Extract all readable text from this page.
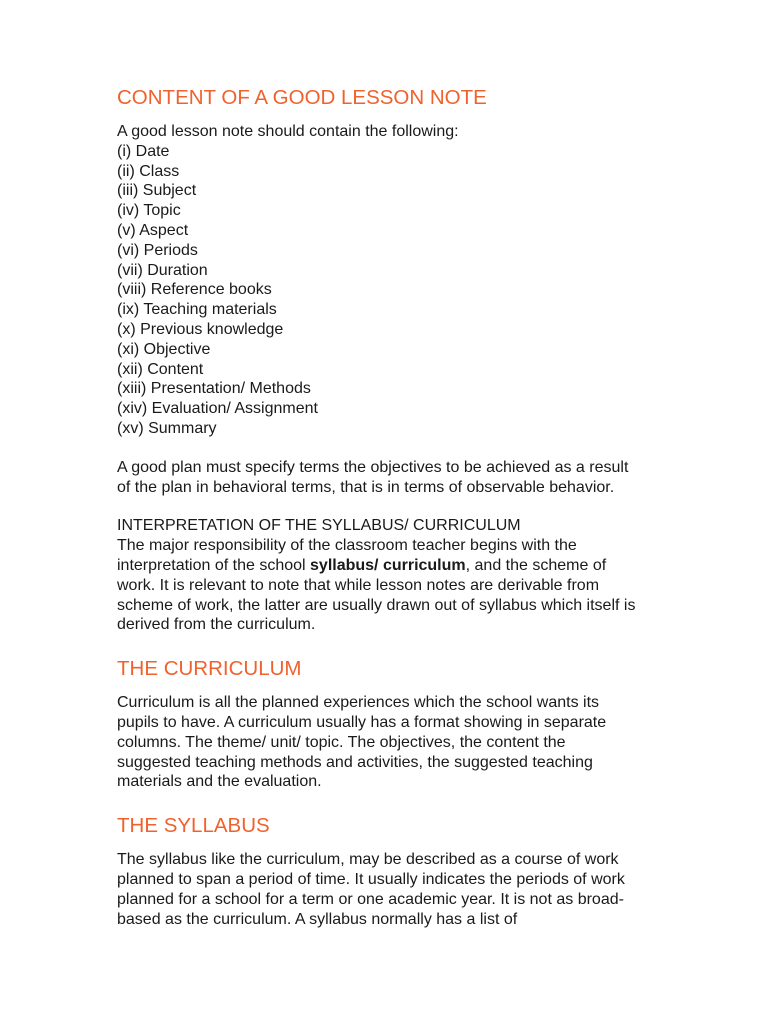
CONTENT OF A GOOD LESSON NOTE

A good lesson note should contain the following:

(i) Date
(ii) Class
(iii) Subject
(iv) Topic
(v) Aspect
(vi) Periods
(vii) Duration
(viii) Reference books
(ix) Teaching materials
(x) Previous knowledge
(xi) Objective
(xii) Content
(xiii) Presentation/ Methods
(xiv) Evaluation/ Assignment
(xv) Summary

A good plan must specify terms the objectives to be achieved as a result of the plan in behavioral terms, that is in terms of observable behavior.

INTERPRETATION OF THE SYLLABUS/ CURRICULUM

The major responsibility of the classroom teacher begins with the interpretation of the school syllabus/ curriculum, and the scheme of work. It is relevant to note that while lesson notes are derivable from scheme of work, the latter are usually drawn out of syllabus which itself is derived from the curriculum.

THE CURRICULUM

Curriculum is all the planned experiences which the school wants its pupils to have. A curriculum usually has a format showing in separate columns. The theme/ unit/ topic. The objectives, the content the suggested teaching methods and activities, the suggested teaching materials and the evaluation.

THE SYLLABUS

The syllabus like the curriculum, may be described as a course of work planned to span a period of time. It usually indicates the periods of work planned for a school for a term or one academic year. It is not as broad-based as the curriculum. A syllabus normally has a list of
